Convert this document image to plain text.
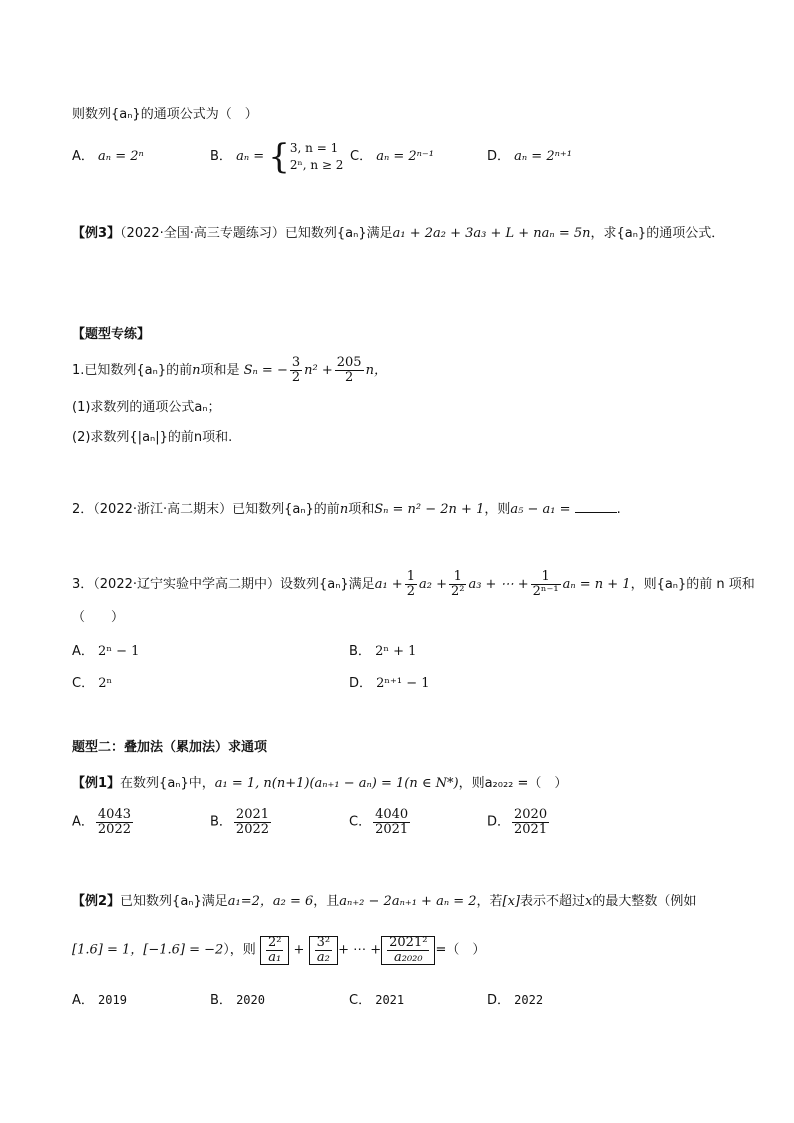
则数列{aₙ}的通项公式为（　）
A． aₙ = 2ⁿ	B． aₙ = { 3, n = 1
2ⁿ, n ≥ 2
C． aₙ = 2ⁿ⁻¹	D． aₙ = 2ⁿ⁺¹
【例3】（2022·全国·高三专题练习）已知数列{aₙ}满足a₁ + 2a₂ + 3a₃ + L + naₙ = 5n，求{aₙ}的通项公式．
【题型专练】
1.已知数列{aₙ}的前n项和是 Sₙ = − $\frac{3}{2} n^2 + \frac{205}{2}$ n，
(1)求数列的通项公式aₙ；
(2)求数列{|aₙ|}的前n项和.
2．（2022·浙江·高二期末）已知数列{aₙ}的前n项和Sₙ = n² − 2n + 1，则a₅ − a₁ =	.
3．（2022·辽宁实验中学高二期中）设数列{aₙ}满足$a_1 + \frac{1}{2} a_2 + \frac{1}{\text{2²}} a_3$ + ⋯ + $\frac{1}{\text{2ⁿ⁻¹}}$ aₙ = n + 1，则{aₙ}的前 n 项和
（　　）
A． 2ⁿ − 1	B． 2ⁿ + 1
C． 2ⁿ	D． 2ⁿ⁺¹ − 1
题型二：叠加法（累加法）求通项
【例1】在数列{aₙ}中，a₁ = 1, n(n+1)(aₙ₊₁ − aₙ) = 1(n ∈ N*)，则a₂₀₂₂ =（　）
A． $\frac{4043}{2022}$	B． $\frac{2021}{2022}$	C． $\frac{4040}{2021}$	D． $\frac{2020}{2021}$
【例2】已知数列{aₙ}满足a₁=2，a₂ = 6，且aₙ₊₂ − 2aₙ₊₁ + aₙ = 2，若[x]表示不超过x的最大整数（例如
[1.6] = 1，[−1.6] = −2），则 $\frac{\text{2²}}{\text{a₁}} + \frac{\text{3²}}{\text{a₂}}$ + ⋯ + $\frac{\text{2021²}}{\text{a₂₀₂₀}}$ =（　）
A． 2019	B． 2020	C． 2021	D． 2022
